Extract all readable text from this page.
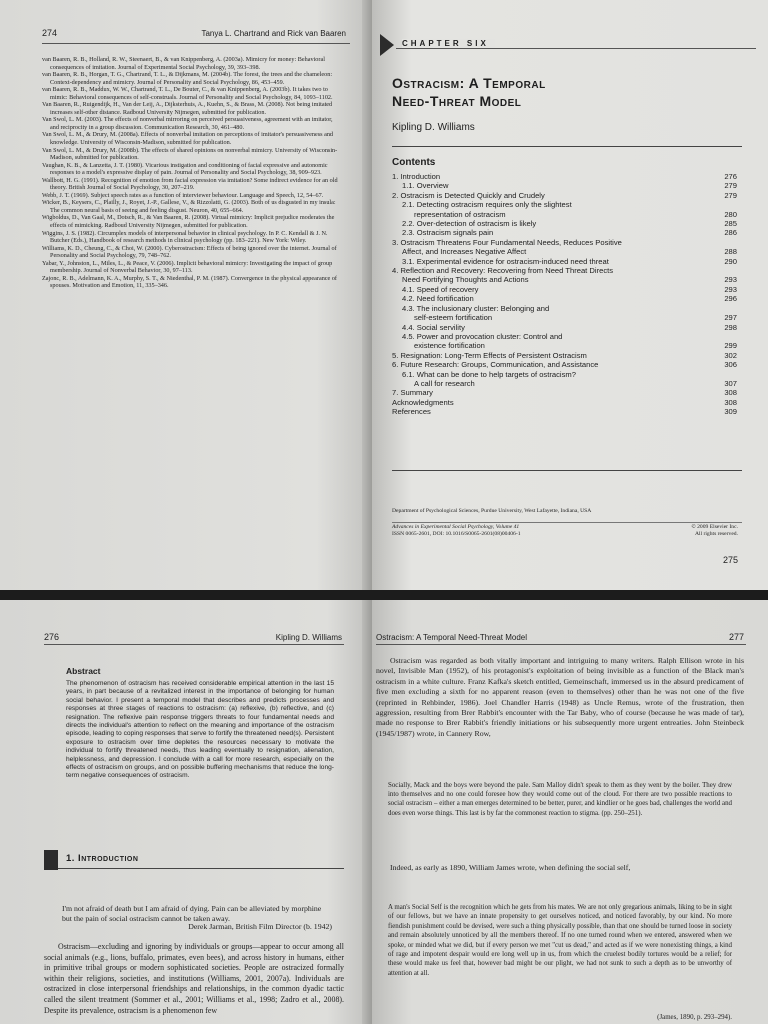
274	Tanya L. Chartrand and Rick van Baaren
van Baaren, R. B., Holland, R. W., Steenaert, B., & van Knippenberg, A. (2003a). Mimicry for money: Behavioral consequences of imitation. Journal of Experimental Social Psychology, 39, 393–398.
van Baaren, R. B., Horgan, T. G., Chartrand, T. L., & Dijkmans, M. (2004b). The forest, the trees and the chameleon: Context-dependency and mimicry. Journal of Personality and Social Psychology, 86, 453–459.
van Baaren, R. B., Maddux, W. W., Chartrand, T. L., De Bouter, C., & van Knippenberg, A. (2003b). It takes two to mimic: Behavioral consequences of self-construals. Journal of Personality and Social Psychology, 84, 1093–1102.
Van Baaren, R., Ruigendijk, H., Van der Leij, A., Dijksterhuis, A., Kuehn, S., & Brass, M. (2008). Not being imitated increases self-other distance. Radboud University Nijmegen, submitted for publication.
Van Swol, L. M. (2003). The effects of nonverbal mirroring on perceived persuasiveness, agreement with an imitator, and reciprocity in a group discussion. Communication Research, 30, 461–480.
Van Swol, L. M., & Drury, M. (2008a). Effects of nonverbal imitation on perceptions of imitator's persuasiveness and knowledge. University of Wisconsin-Madison, submitted for publication.
Van Swol, L. M., & Drury, M. (2008b). The effects of shared opinions on nonverbal mimicry. University of Wisconsin-Madison, submitted for publication.
Vaughan, K. B., & Lanzetta, J. T. (1980). Vicarious instigation and conditioning of facial expressive and autonomic responses to a model's expressive display of pain. Journal of Personality and Social Psychology, 38, 909–923.
Wallbott, H. G. (1991). Recognition of emotion from facial expression via imitation? Some indirect evidence for an old theory. British Journal of Social Psychology, 30, 207–219.
Webb, J. T. (1969). Subject speech rates as a function of interviewer behaviour. Language and Speech, 12, 54–67.
Wicker, B., Keysers, C., Plailly, J., Royet, J.-P., Gallese, V., & Rizzolatti, G. (2003). Both of us disgusted in my insula: The common neural basis of seeing and feeling disgust. Neuron, 40, 655–664.
Wigboldus, D., Van Gaal, M., Dotsch, R., & Van Baaren, R. (2008). Virtual mimicry: Implicit prejudice moderates the effects of mimicking. Radboud University Nijmegen, submitted for publication.
Wiggins, J. S. (1982). Circumplex models of interpersonal behavior in clinical psychology. In P. C. Kendall & J. N. Butcher (Eds.), Handbook of research methods in clinical psychology (pp. 183–221). New York: Wiley.
Williams, K. D., Cheung, C., & Choi, W. (2000). Cyberostracism: Effects of being ignored over the internet. Journal of Personality and Social Psychology, 79, 748–762.
Yabar, Y., Johnston, L., Miles, L., & Peace, V. (2006). Implicit behavioral mimicry: Investigating the impact of group membership. Journal of Nonverbal Behavior, 30, 97–113.
Zajonc, R. B., Adelmann, K. A., Murphy, S. T., & Niedenthal, P. M. (1987). Convergence in the physical appearance of spouses. Motivation and Emotion, 11, 335–346.
CHAPTER SIX
Ostracism: A Temporal
Need-Threat Model
Kipling D. Williams
Contents
1. Introduction	276
1.1. Overview	279
2. Ostracism is Detected Quickly and Crudely	279
2.1. Detecting ostracism requires only the slightest
representation of ostracism	280
2.2. Over-detection of ostracism is likely	285
2.3. Ostracism signals pain	286
3. Ostracism Threatens Four Fundamental Needs, Reduces Positive
Affect, and Increases Negative Affect	288
3.1. Experimental evidence for ostracism-induced need threat	290
4. Reflection and Recovery: Recovering from Need Threat Directs
Need Fortifying Thoughts and Actions	293
4.1. Speed of recovery	293
4.2. Need fortification	296
4.3. The inclusionary cluster: Belonging and
self-esteem fortification	297
4.4. Social servility	298
4.5. Power and provocation cluster: Control and
existence fortification	299
5. Resignation: Long-Term Effects of Persistent Ostracism	302
6. Future Research: Groups, Communication, and Assistance	306
6.1. What can be done to help targets of ostracism?
A call for research	307
7. Summary	308
Acknowledgments	308
References	309
Department of Psychological Sciences, Purdue University, West Lafayette, Indiana, USA
Advances in Experimental Social Psychology, Volume 41
ISSN 0065-2601, DOI: 10.1016/S0065-2601(08)00406-1
© 2009 Elsevier Inc.
All rights reserved.
275
276	Kipling D. Williams
Abstract
The phenomenon of ostracism has received considerable empirical attention in the last 15 years, in part because of a revitalized interest in the importance of belonging for human social behavior. I present a temporal model that describes and predicts processes and responses at three stages of reactions to ostracism: (a) reflexive, (b) reflective, and (c) resignation. The reflexive pain response triggers threats to four fundamental needs and directs the individual's attention to reflect on the meaning and importance of the ostracism episode, leading to coping responses that serve to fortify the threatened need(s). Persistent exposure to ostracism over time depletes the resources necessary to motivate the individual to fortify threatened needs, thus leading eventually to resignation, alienation, helplessness, and depression. I conclude with a call for more research, especially on the effects of ostracism on groups, and on possible buffering mechanisms that reduce the long-term negative consequences of ostracism.
1. Introduction
I'm not afraid of death but I am afraid of dying. Pain can be alleviated by morphine but the pain of social ostracism cannot be taken away.
Derek Jarman, British Film Director (b. 1942)
Ostracism—excluding and ignoring by individuals or groups—appear to occur among all social animals (e.g., lions, buffalo, primates, even bees), and across history in humans, either in primitive tribal groups or modern sophisticated societies. People are ostracized formally within their religions, societies, and institutions (Williams, 2001, 2007a). Individuals are ostracized in close interpersonal friendships and relationships, in the common dyadic tactic called the silent treatment (Sommer et al., 2001; Williams et al., 1998; Zadro et al., 2008). Despite its prevalence, ostracism is a phenomenon few
Ostracism: A Temporal Need-Threat Model	277
Ostracism was regarded as both vitally important and intriguing to many writers. Ralph Ellison wrote in his novel, Invisible Man (1952), of his protagonist's exploitation of being invisible as a function of the Black man's ostracism in a white culture. Franz Kafka's sketch entitled, Gemeinschaft, immersed us in the absurd predicament of five men excluding a sixth for no apparent reason (even to themselves) other than he was not one of the five (reprinted in Rehbinder, 1986). Joel Chandler Harris (1948) as Uncle Remus, wrote of the frustration, then aggression, resulting from Brer Rabbit's encounter with the Tar Baby, who of course (because he was made of tar), made no response to Brer Rabbit's friendly initiations or his subsequently more urgent entreaties. John Steinbeck (1945/1987) wrote, in Cannery Row,
Socially, Mack and the boys were beyond the pale. Sam Malloy didn't speak to them as they went by the boiler. They drew into themselves and no one could foresee how they would come out of the cloud. For there are two possible reactions to social ostracism – either a man emerges determined to be better, purer, and kindlier or he goes bad, challenges the world and does even worse things. This last is by far the commonest reaction to stigma. (pp. 250–251).
Indeed, as early as 1890, William James wrote, when defining the social self,
A man's Social Self is the recognition which he gets from his mates. We are not only gregarious animals, liking to be in sight of our fellows, but we have an innate propensity to get ourselves noticed, and noticed favorably, by our kind. No more fiendish punishment could be devised, were such a thing physically possible, than that one should be turned loose in society and remain absolutely unnoticed by all the members thereof. If no one turned round when we entered, answered when we spoke, or minded what we did, but if every person we met "cut us dead," and acted as if we were nonexisting things, a kind of rage and impotent despair would ere long well up in us, from which the cruelest bodily tortures would be a relief; for these would make us feel that, however bad might be our plight, we had not sunk to such a depth as to be unworthy of attention at all.
(James, 1890, p. 293–294).
